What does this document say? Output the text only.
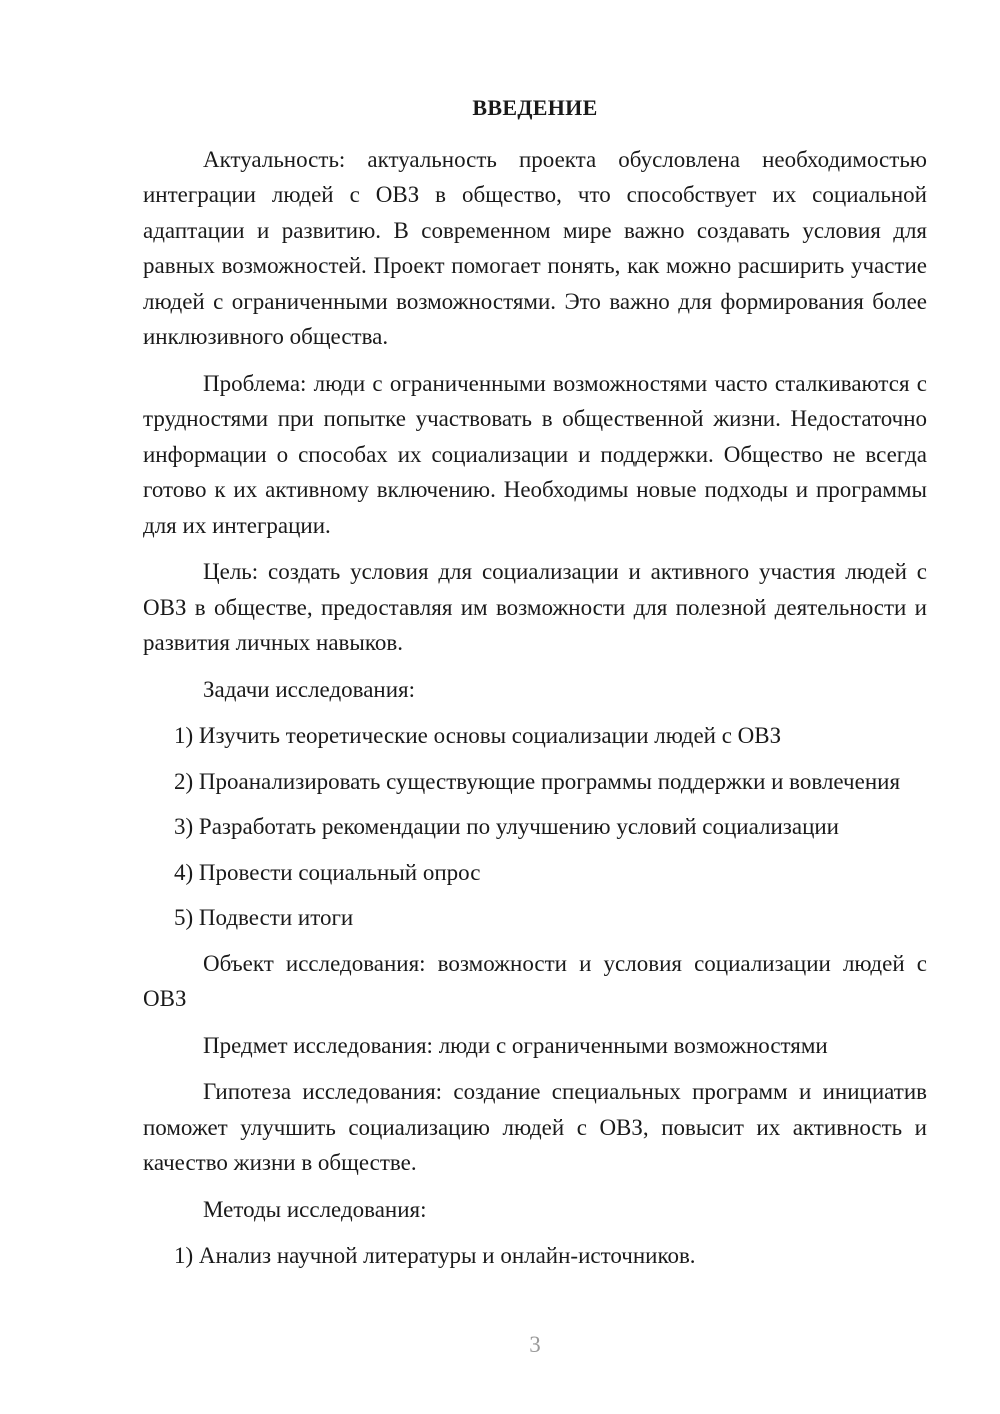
ВВЕДЕНИЕ

Актуальность: актуальность проекта обусловлена необходимостью интеграции людей с ОВЗ в общество, что способствует их социальной адаптации и развитию. В современном мире важно создавать условия для равных возможностей. Проект помогает понять, как можно расширить участие людей с ограниченными возможностями. Это важно для формирования более инклюзивного общества.

Проблема: люди с ограниченными возможностями часто сталкиваются с трудностями при попытке участвовать в общественной жизни. Недостаточно информации о способах их социализации и поддержки. Общество не всегда готово к их активному включению. Необходимы новые подходы и программы для их интеграции.

Цель: создать условия для социализации и активного участия людей с ОВЗ в обществе, предоставляя им возможности для полезной деятельности и развития личных навыков.

Задачи исследования:

1) Изучить теоретические основы социализации людей с ОВЗ

2) Проанализировать существующие программы поддержки и вовлечения

3) Разработать рекомендации по улучшению условий социализации

4) Провести социальный опрос

5) Подвести итоги

Объект исследования: возможности и условия социализации людей с ОВЗ

Предмет исследования: люди с ограниченными возможностями

Гипотеза исследования: создание специальных программ и инициатив поможет улучшить социализацию людей с ОВЗ, повысит их активность и качество жизни в обществе.

Методы исследования:

1) Анализ научной литературы и онлайн-источников.

3
